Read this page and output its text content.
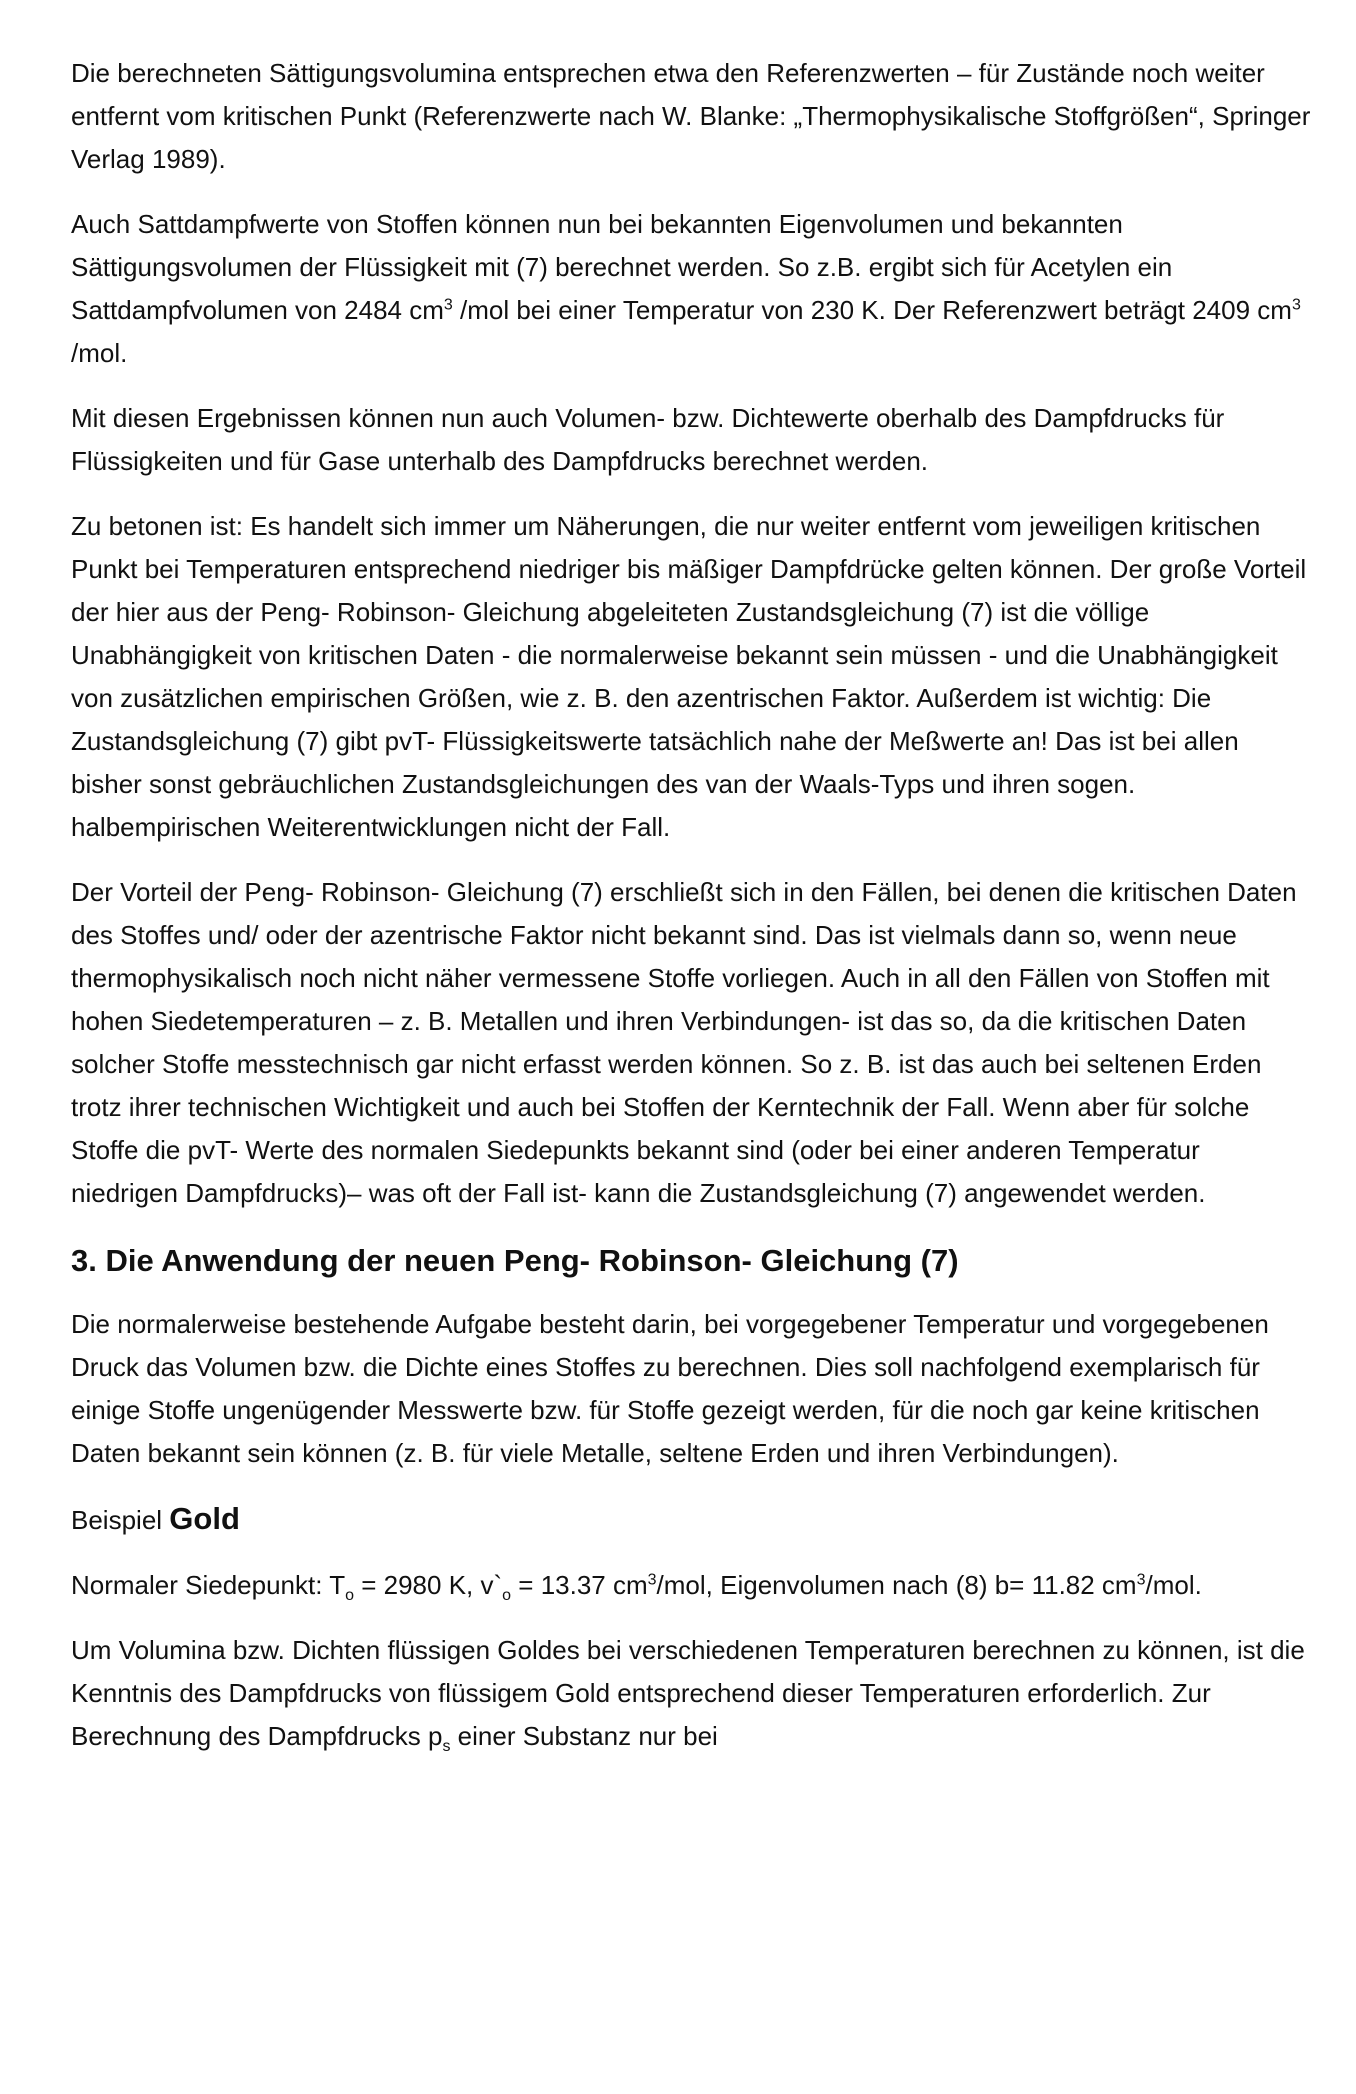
Die berechneten Sättigungsvolumina entsprechen etwa den Referenzwerten – für Zustände noch weiter entfernt vom kritischen Punkt (Referenzwerte nach W. Blanke: „Thermophysikalische Stoffgrößen“, Springer Verlag 1989).

Auch Sattdampfwerte von Stoffen können nun bei bekannten Eigenvolumen und bekannten Sättigungsvolumen der Flüssigkeit mit (7) berechnet werden. So z.B. ergibt sich für Acetylen ein Sattdampfvolumen von 2484 $cm^3$ /mol bei einer Temperatur von 230 K. Der Referenzwert beträgt 2409 $cm^3$ /mol.

Mit diesen Ergebnissen können nun auch Volumen- bzw. Dichtewerte oberhalb des Dampfdrucks für Flüssigkeiten und für Gase unterhalb des Dampfdrucks berechnet werden.

Zu betonen ist: Es handelt sich immer um Näherungen, die nur weiter entfernt vom jeweiligen kritischen Punkt bei Temperaturen entsprechend niedriger bis mäßiger Dampfdrücke gelten können. Der große Vorteil der hier aus der Peng- Robinson- Gleichung abgeleiteten Zustandsgleichung (7) ist die völlige Unabhängigkeit von kritischen Daten - die normalerweise bekannt sein müssen - und die Unabhängigkeit von zusätzlichen empirischen Größen, wie z. B. den azentrischen Faktor. Außerdem ist wichtig: Die Zustandsgleichung (7) gibt pvT- Flüssigkeitswerte tatsächlich nahe der Meßwerte an! Das ist bei allen bisher sonst gebräuchlichen Zustandsgleichungen des van der Waals-Typs und ihren sogen. halbempirischen Weiterentwicklungen nicht der Fall.

Der Vorteil der Peng- Robinson- Gleichung (7) erschließt sich in den Fällen, bei denen die kritischen Daten des Stoffes und/ oder der azentrische Faktor nicht bekannt sind. Das ist vielmals dann so, wenn neue thermophysikalisch noch nicht näher vermessene Stoffe vorliegen. Auch in all den Fällen von Stoffen mit hohen Siedetemperaturen – z. B. Metallen und ihren Verbindungen- ist das so, da die kritischen Daten solcher Stoffe messtechnisch gar nicht erfasst werden können. So z. B. ist das auch bei seltenen Erden trotz ihrer technischen Wichtigkeit und auch bei Stoffen der Kerntechnik der Fall. Wenn aber für solche Stoffe die pvT- Werte des normalen Siedepunkts bekannt sind (oder bei einer anderen Temperatur niedrigen Dampfdrucks)– was oft der Fall ist- kann die Zustandsgleichung (7) angewendet werden.

3. Die Anwendung der neuen Peng- Robinson- Gleichung (7)

Die normalerweise bestehende Aufgabe besteht darin, bei vorgegebener Temperatur und vorgegebenen Druck das Volumen bzw. die Dichte eines Stoffes zu berechnen. Dies soll nachfolgend exemplarisch für einige Stoffe ungenügender Messwerte bzw. für Stoffe gezeigt werden, für die noch gar keine kritischen Daten bekannt sein können (z. B. für viele Metalle, seltene Erden und ihren Verbindungen).

Beispiel Gold

Normaler Siedepunkt: $T_o = 2980$ K, $v`_o = 13.37$ $cm^3$/mol, Eigenvolumen nach (8) b= 11.82 $cm^3$/mol.

Um Volumina bzw. Dichten flüssigen Goldes bei verschiedenen Temperaturen berechnen zu können, ist die Kenntnis des Dampfdrucks von flüssigem Gold entsprechend dieser Temperaturen erforderlich. Zur Berechnung des Dampfdrucks $p_s$ einer Substanz nur bei
